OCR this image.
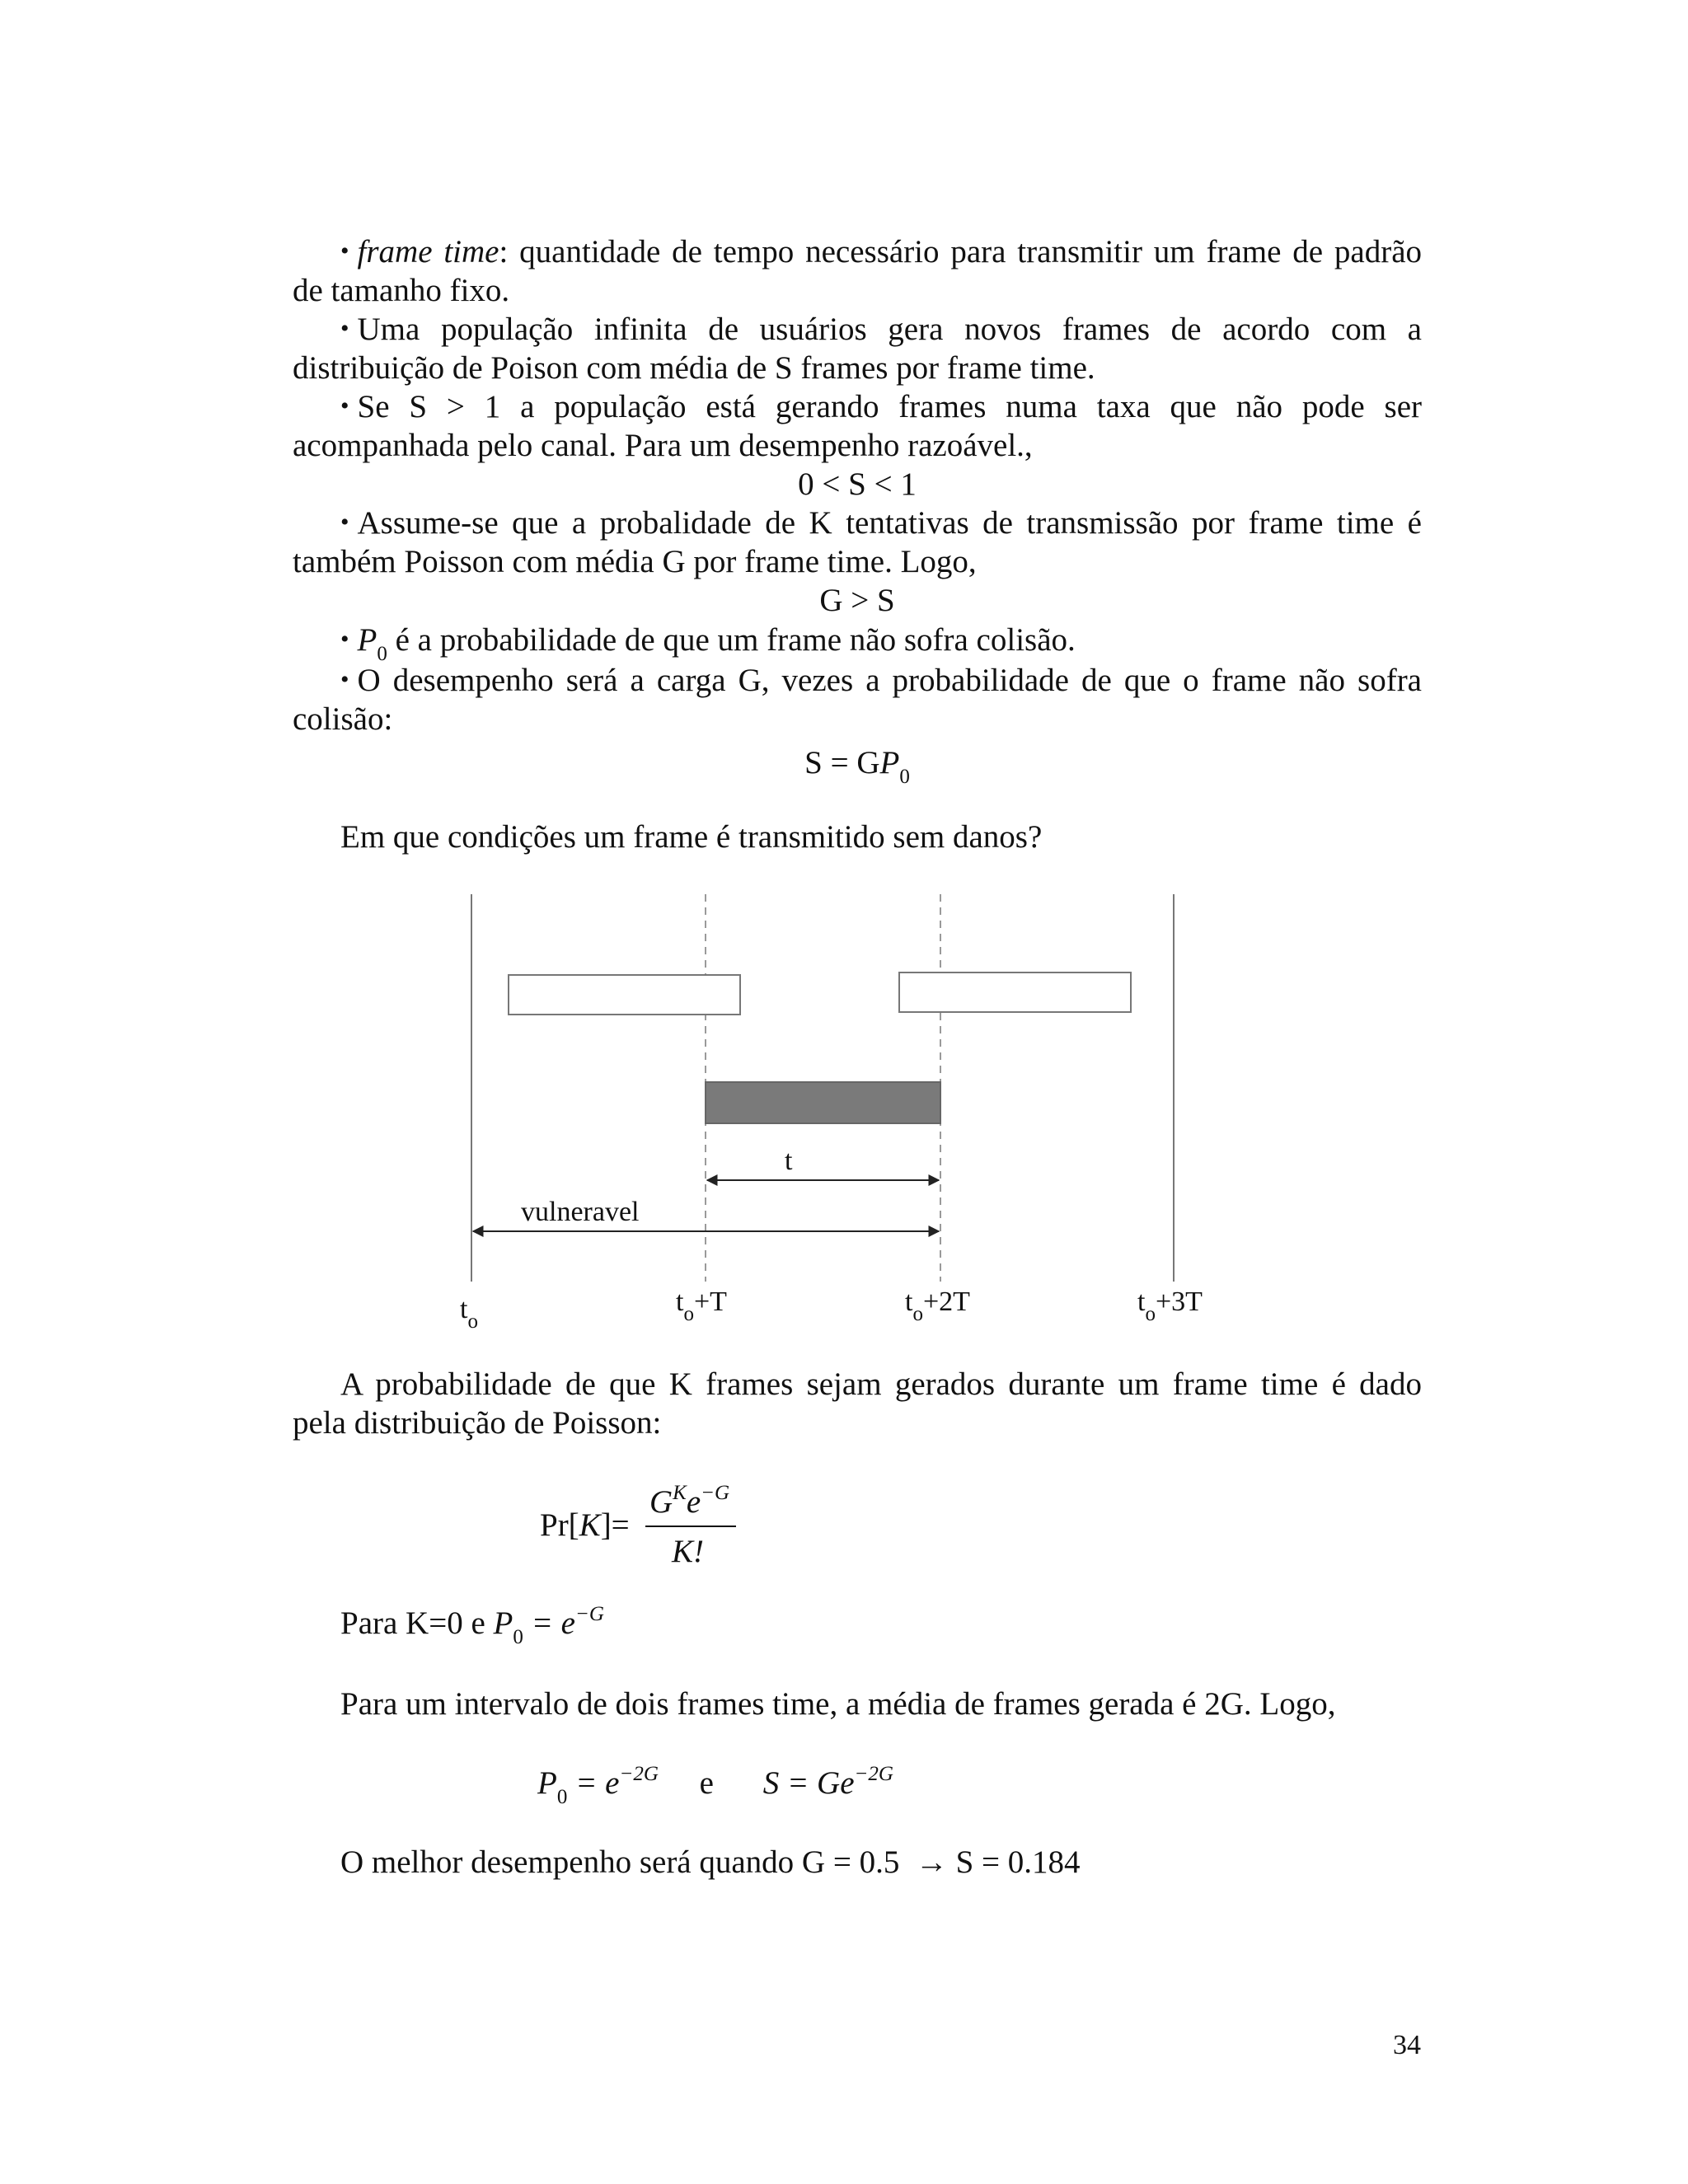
• frame time: quantidade de tempo necessário para transmitir um frame de padrão
de tamanho fixo.
• Uma população infinita de usuários gera novos frames de acordo com a
distribuição de Poison com média de S frames por frame time.
• Se S > 1 a população está gerando frames numa taxa que não pode ser
acompanhada pelo canal. Para um desempenho razoável.,
0 < S < 1
• Assume-se que a probalidade de K tentativas de transmissão por frame time é
também Poisson com média G por frame time. Logo,
G > S
• $P_0$ é a probabilidade de que um frame não sofra colisão.
• O desempenho será a carga G, vezes a probabilidade de que o frame não sofra
colisão:
$S = GP_0$
Em que condições um frame é transmitido sem danos?
t
vulneravel
$t_o$
$t_o+T$	$t_o+2T$	$t_o+3T$
A probabilidade de que K frames sejam gerados durante um frame time é dado
pela distribuição de Poisson:
Pr[K]=
$G^Ke^{-G}$
K!
Para K=0 e $P_0 = e^{-G}$
Para um intervalo de dois frames time, a média de frames gerada é 2G. Logo,
$P_0 = e^{-2G}$ e $S = Ge^{-2G}$
O melhor desempenho será quando G = 0.5 → S = 0.184
34
